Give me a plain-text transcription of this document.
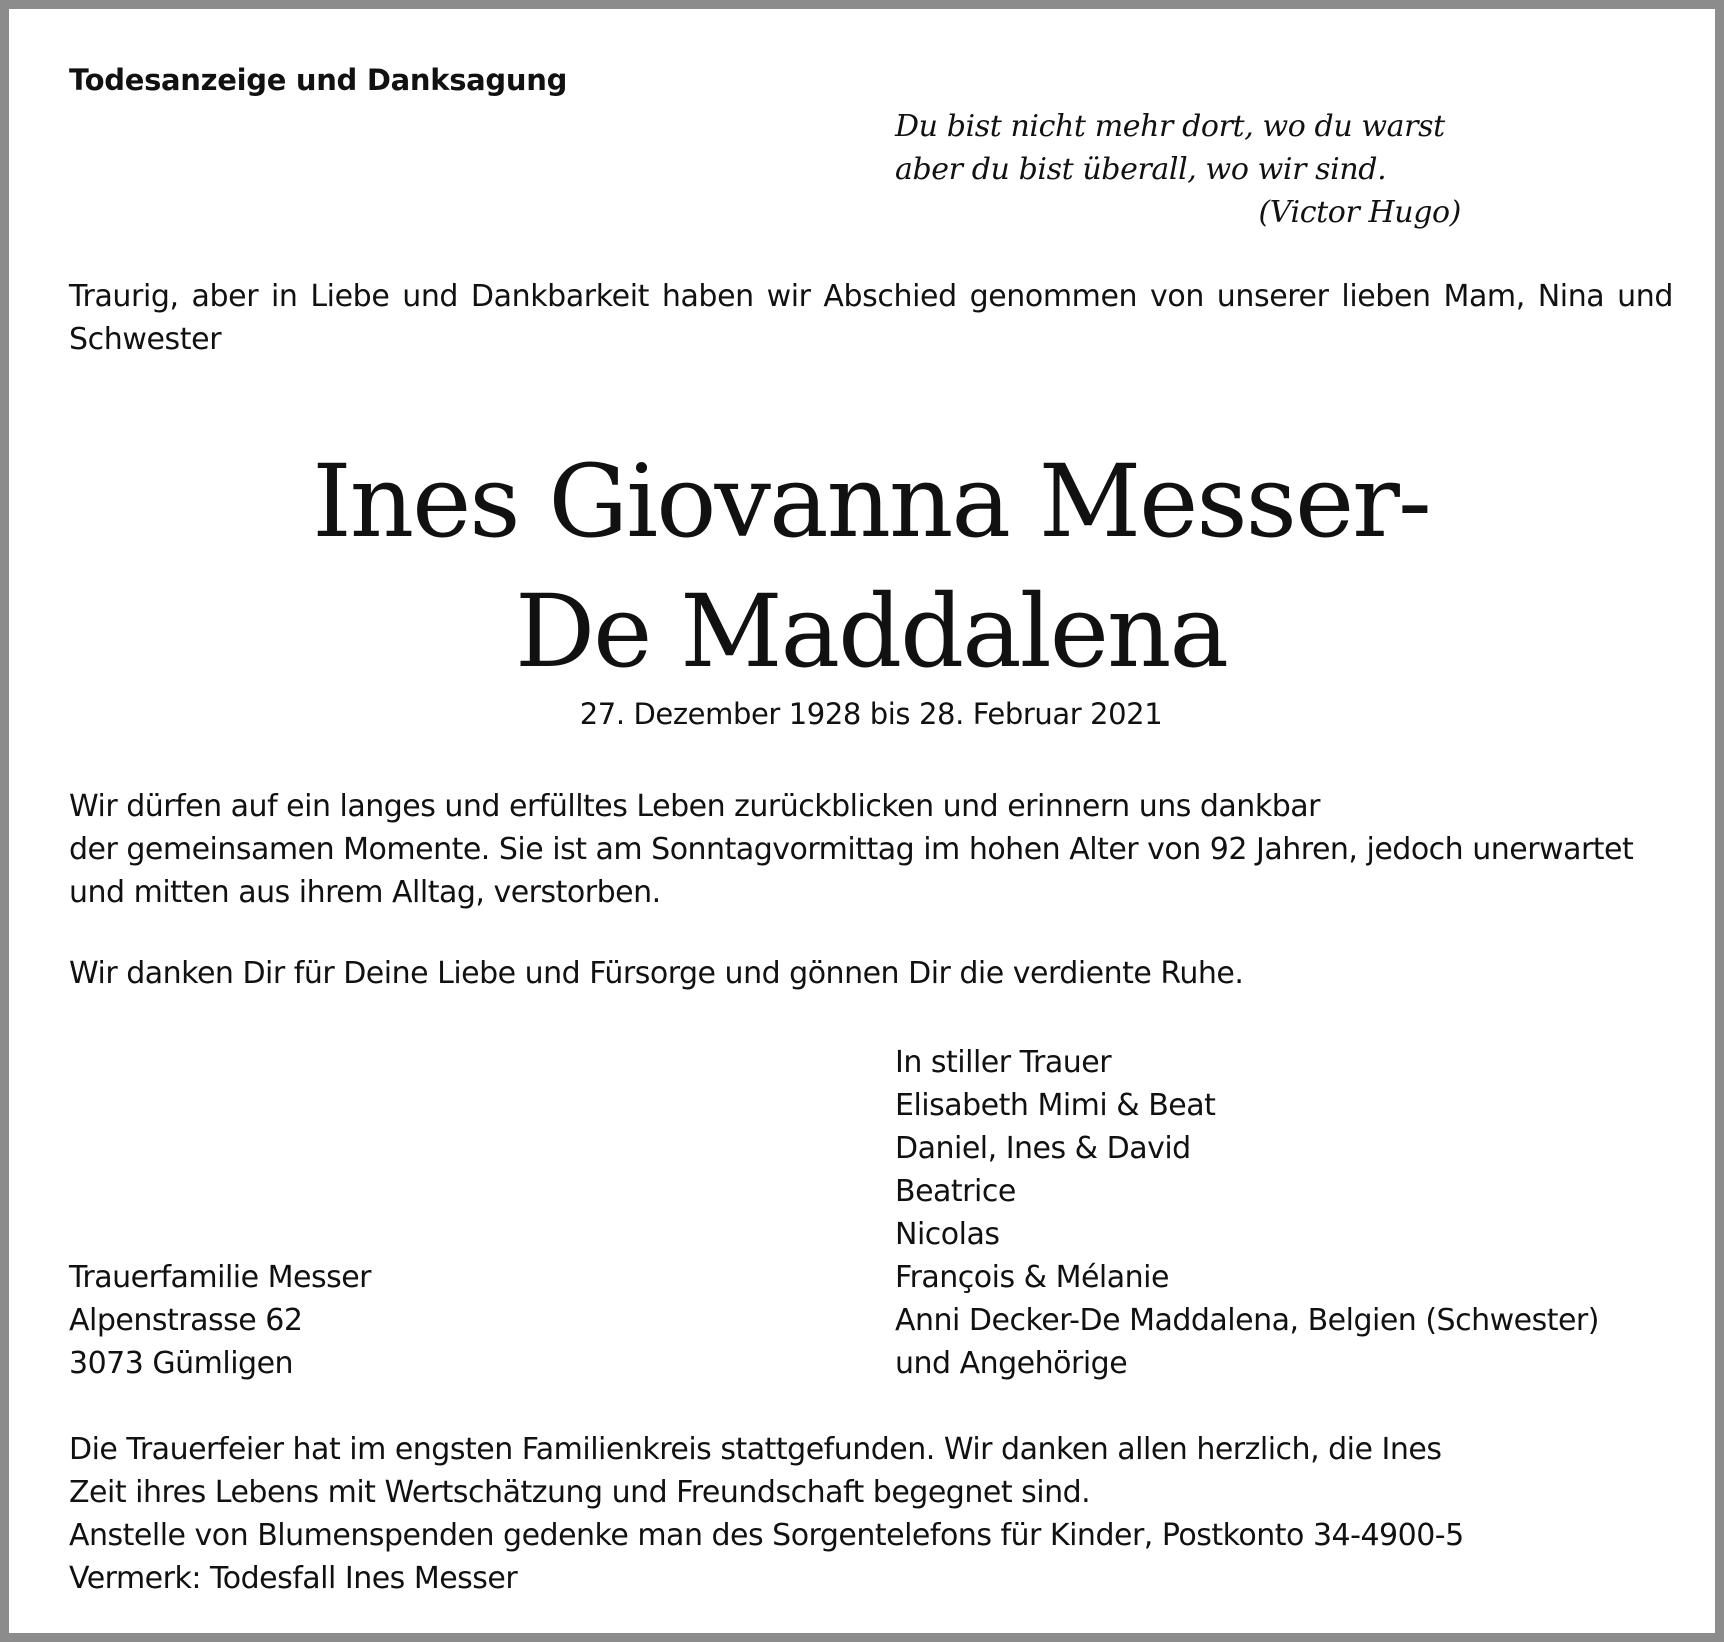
Todesanzeige und Danksagung
Du bist nicht mehr dort, wo du warst
aber du bist überall, wo wir sind.
(Victor Hugo)
Traurig, aber in Liebe und Dankbarkeit haben wir Abschied genommen von unserer lieben Mam, Nina und Schwester
Ines Giovanna Messer-
De Maddalena
27. Dezember 1928 bis 28. Februar 2021
Wir dürfen auf ein langes und erfülltes Leben zurückblicken und erinnern uns dankbar
der gemeinsamen Momente. Sie ist am Sonntagvormittag im hohen Alter von 92 Jahren, jedoch unerwartet
und mitten aus ihrem Alltag, verstorben.
Wir danken Dir für Deine Liebe und Fürsorge und gönnen Dir die verdiente Ruhe.
In stiller Trauer
Elisabeth Mimi & Beat
Daniel, Ines & David
Beatrice
Nicolas
François & Mélanie
Anni Decker-De Maddalena, Belgien (Schwester)
und Angehörige
Trauerfamilie Messer
Alpenstrasse 62
3073 Gümligen
Die Trauerfeier hat im engsten Familienkreis stattgefunden. Wir danken allen herzlich, die Ines
Zeit ihres Lebens mit Wertschätzung und Freundschaft begegnet sind.
Anstelle von Blumenspenden gedenke man des Sorgentelefons für Kinder, Postkonto 34-4900-5
Vermerk: Todesfall Ines Messer
